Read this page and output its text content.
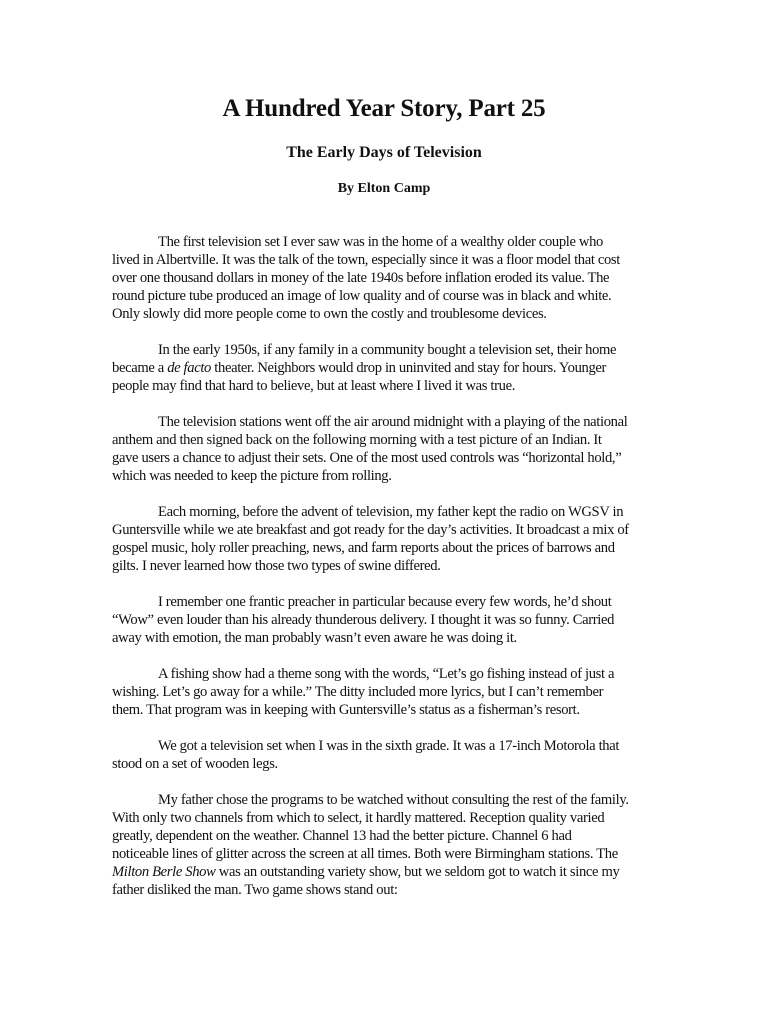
A Hundred Year Story, Part 25
The Early Days of Television
By Elton Camp

The first television set I ever saw was in the home of a wealthy older couple who lived in Albertville. It was the talk of the town, especially since it was a floor model that cost over one thousand dollars in money of the late 1940s before inflation eroded its value. The round picture tube produced an image of low quality and of course was in black and white. Only slowly did more people come to own the costly and troublesome devices.

In the early 1950s, if any family in a community bought a television set, their home became a de facto theater. Neighbors would drop in uninvited and stay for hours. Younger people may find that hard to believe, but at least where I lived it was true.

The television stations went off the air around midnight with a playing of the national anthem and then signed back on the following morning with a test picture of an Indian. It gave users a chance to adjust their sets. One of the most used controls was “horizontal hold,” which was needed to keep the picture from rolling.

Each morning, before the advent of television, my father kept the radio on WGSV in Guntersville while we ate breakfast and got ready for the day’s activities. It broadcast a mix of gospel music, holy roller preaching, news, and farm reports about the prices of barrows and gilts. I never learned how those two types of swine differed.

I remember one frantic preacher in particular because every few words, he’d shout “Wow” even louder than his already thunderous delivery. I thought it was so funny. Carried away with emotion, the man probably wasn’t even aware he was doing it.

A fishing show had a theme song with the words, “Let’s go fishing instead of just a wishing. Let’s go away for a while.” The ditty included more lyrics, but I can’t remember them. That program was in keeping with Guntersville’s status as a fisherman’s resort.

We got a television set when I was in the sixth grade. It was a 17-inch Motorola that stood on a set of wooden legs.

My father chose the programs to be watched without consulting the rest of the family. With only two channels from which to select, it hardly mattered. Reception quality varied greatly, dependent on the weather. Channel 13 had the better picture. Channel 6 had noticeable lines of glitter across the screen at all times. Both were Birmingham stations. The Milton Berle Show was an outstanding variety show, but we seldom got to watch it since my father disliked the man. Two game shows stand out:
